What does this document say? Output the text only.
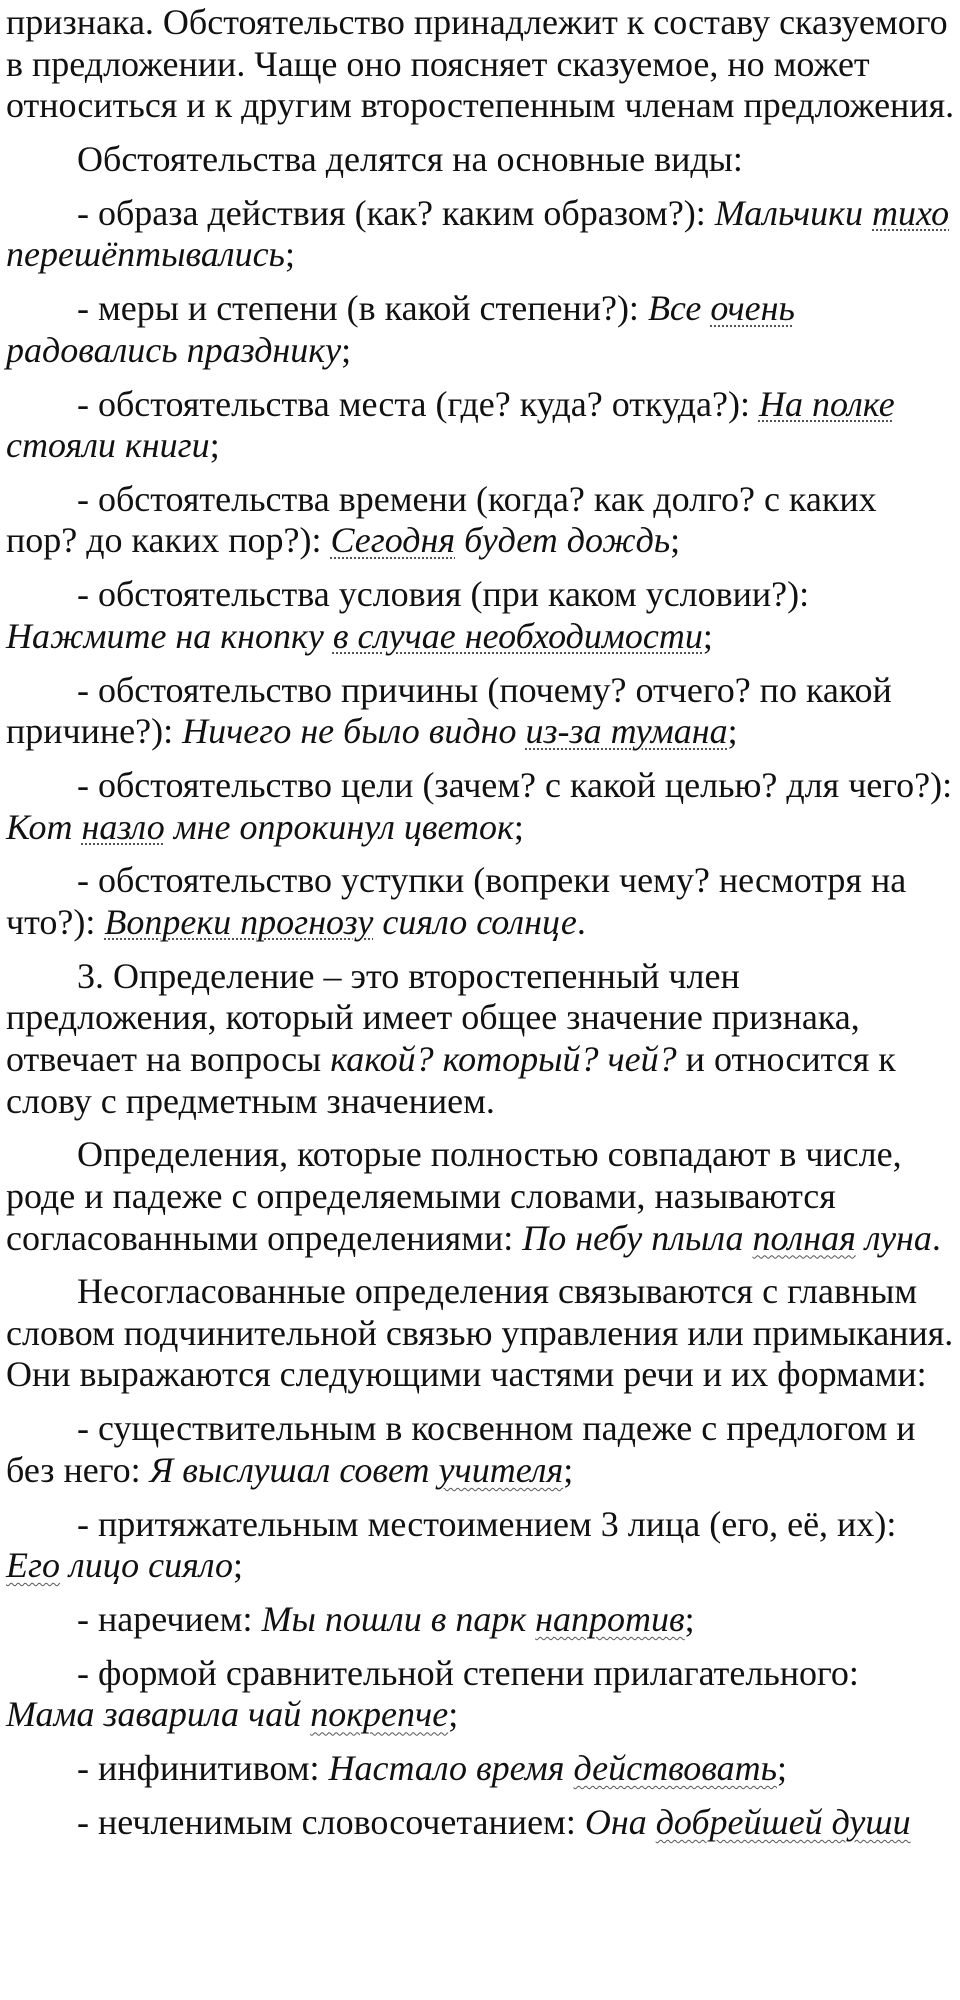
признака. Обстоятельство принадлежит к составу сказуемого в предложении. Чаще оно поясняет сказуемое, но может относиться и к другим второстепенным членам предложения.

Обстоятельства делятся на основные виды:

- образа действия (как? каким образом?): Мальчики тихо перешёптывались;

- меры и степени (в какой степени?): Все очень радовались празднику;

- обстоятельства места (где? куда? откуда?): На полке стояли книги;

- обстоятельства времени (когда? как долго? с каких пор? до каких пор?): Сегодня будет дождь;

- обстоятельства условия (при каком условии?): Нажмите на кнопку в случае необходимости;

- обстоятельство причины (почему? отчего? по какой причине?): Ничего не было видно из-за тумана;

- обстоятельство цели (зачем? с какой целью? для чего?): Кот назло мне опрокинул цветок;

- обстоятельство уступки (вопреки чему? несмотря на что?): Вопреки прогнозу сияло солнце.

3. Определение – это второстепенный член предложения, который имеет общее значение признака, отвечает на вопросы какой? который? чей? и относится к слову с предметным значением.

Определения, которые полностью совпадают в числе, роде и падеже с определяемыми словами, называются согласованными определениями: По небу плыла полная луна.

Несогласованные определения связываются с главным словом подчинительной связью управления или примыкания. Они выражаются следующими частями речи и их формами:

- существительным в косвенном падеже с предлогом и без него: Я выслушал совет учителя;

- притяжательным местоимением 3 лица (его, её, их): Его лицо сияло;

- наречием: Мы пошли в парк напротив;

- формой сравнительной степени прилагательного: Мама заварила чай покрепче;

- инфинитивом: Настало время действовать;

- нечленимым словосочетанием: Она добрейшей души
